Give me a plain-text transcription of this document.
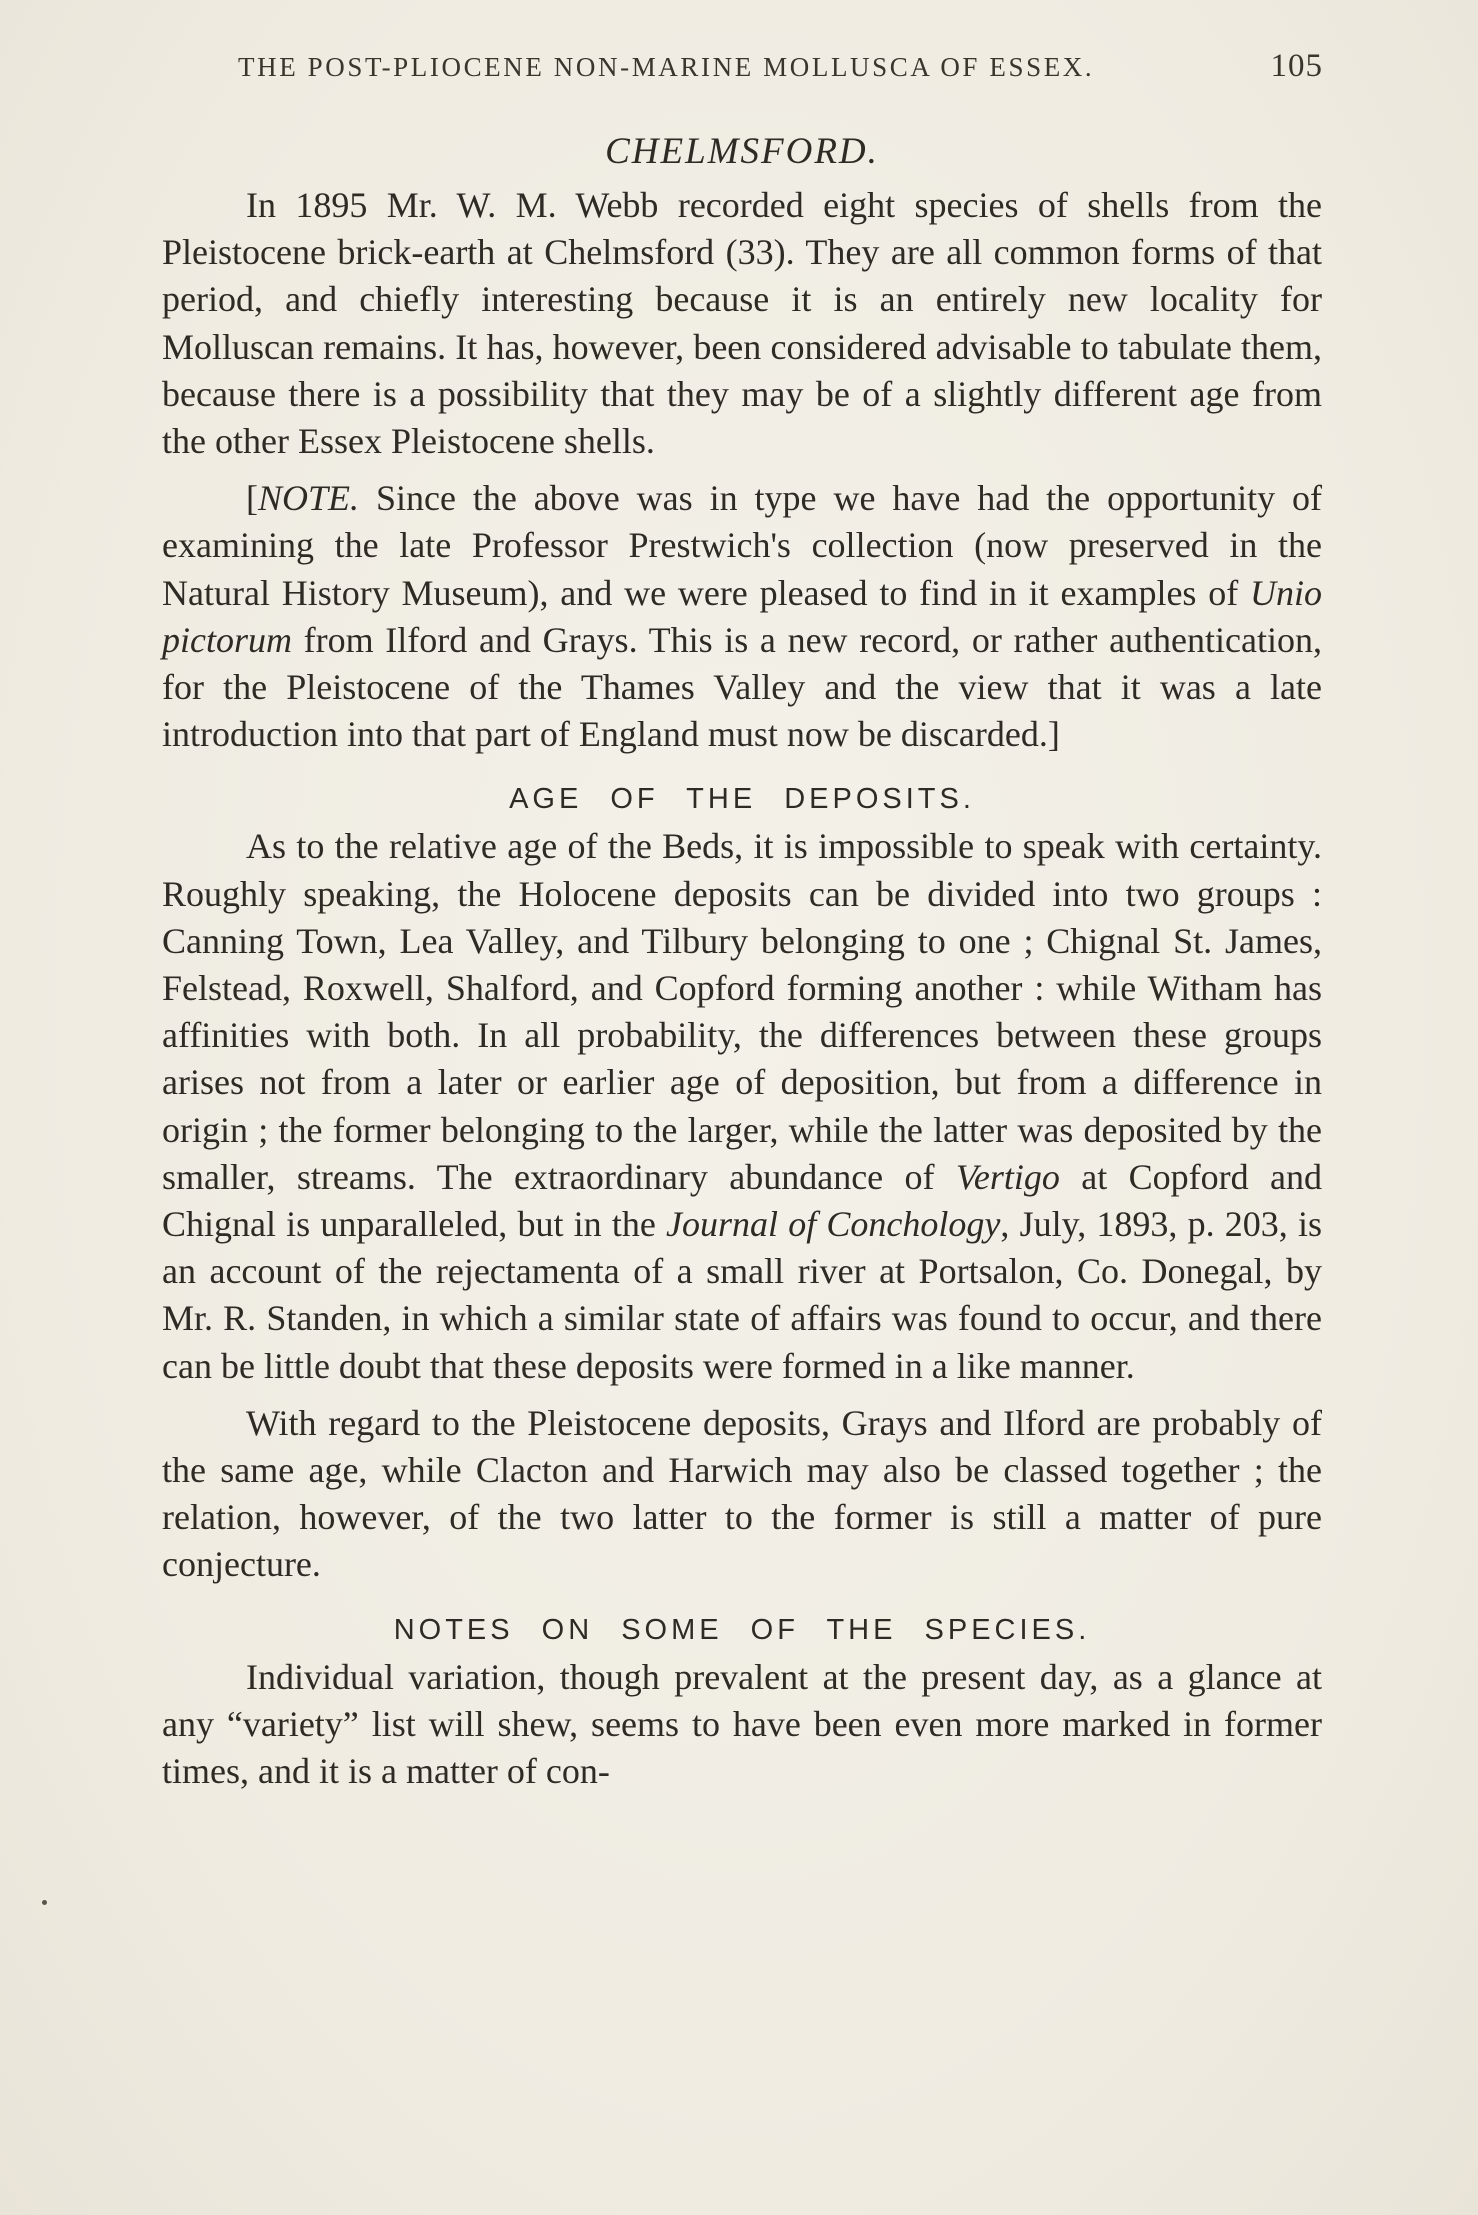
THE POST-PLIOCENE NON-MARINE MOLLUSCA OF ESSEX.	105
CHELMSFORD.

In 1895 Mr. W. M. Webb recorded eight species of shells from the Pleistocene brick-earth at Chelmsford (33). They are all common forms of that period, and chiefly interesting because it is an entirely new locality for Molluscan remains. It has, however, been considered advisable to tabulate them, because there is a possibility that they may be of a slightly different age from the other Essex Pleistocene shells.

[NOTE. Since the above was in type we have had the opportunity of examining the late Professor Prestwich's collection (now preserved in the Natural History Museum), and we were pleased to find in it examples of Unio pictorum from Ilford and Grays. This is a new record, or rather authentication, for the Pleistocene of the Thames Valley and the view that it was a late introduction into that part of England must now be discarded.]

AGE OF THE DEPOSITS.

As to the relative age of the Beds, it is impossible to speak with certainty. Roughly speaking, the Holocene deposits can be divided into two groups : Canning Town, Lea Valley, and Tilbury belonging to one ; Chignal St. James, Felstead, Roxwell, Shalford, and Copford forming another : while Witham has affinities with both. In all probability, the differences between these groups arises not from a later or earlier age of deposition, but from a difference in origin ; the former belonging to the larger, while the latter was deposited by the smaller, streams. The extraordinary abundance of Vertigo at Copford and Chignal is unparalleled, but in the Journal of Conchology, July, 1893, p. 203, is an account of the rejectamenta of a small river at Portsalon, Co. Donegal, by Mr. R. Standen, in which a similar state of affairs was found to occur, and there can be little doubt that these deposits were formed in a like manner.

With regard to the Pleistocene deposits, Grays and Ilford are probably of the same age, while Clacton and Harwich may also be classed together ; the relation, however, of the two latter to the former is still a matter of pure conjecture.

NOTES ON SOME OF THE SPECIES.

Individual variation, though prevalent at the present day, as a glance at any “variety” list will shew, seems to have been even more marked in former times, and it is a matter of con-
